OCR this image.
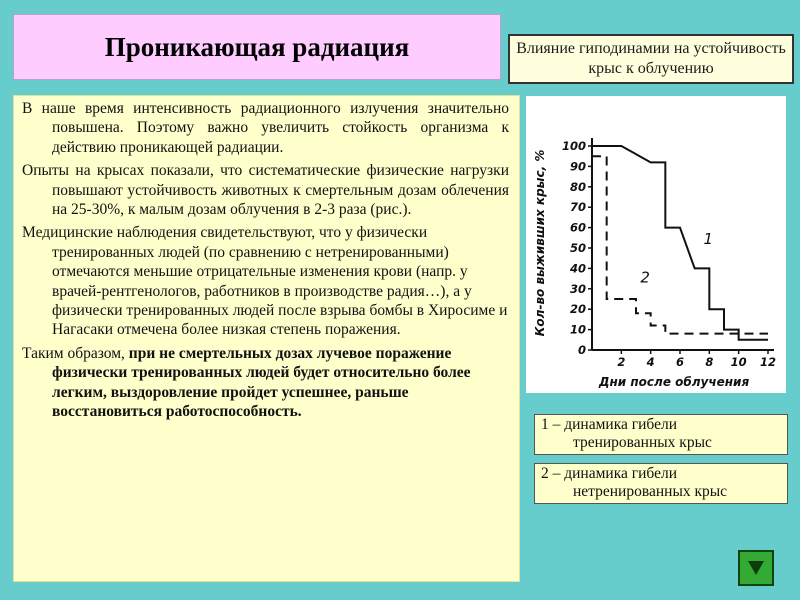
Проникающая радиация	Влияние гиподинамии на устойчивость крыс к облучению

В наше время интенсивность радиационного излучения значительно повышена. Поэтому важно увеличить стойкость организма к действию проникающей радиации.

Опыты на крысах показали, что систематические физические нагрузки повышают устойчивость животных к смертельным дозам облечения на 25-30%, к малым дозам облучения в 2-3 раза (рис.).

Медицинские наблюдения свидетельствуют, что у физически тренированных людей (по сравнению с нетренированными) отмечаются меньшие отрицательные изменения крови (напр. у врачей-рентгенологов, работников в производстве радия…), а у физически тренированных людей после взрыва бомбы в Хиросиме и Нагасаки отмечена более низкая степень поражения.

Таким образом, при не смертельных дозах лучевое поражение физически тренированных людей будет относительно более легким, выздоровление пройдет успешнее, раньше восстановиться работоспособность.

0
10
20
30
40
50
60
70
80
90
100
2 4 6 8 10 12
1
2
Кол-во выживших крыс, %
Дни после облучения
1 – динамика гибели
тренированных крыс
2 – динамика гибели
нетренированных крыс
